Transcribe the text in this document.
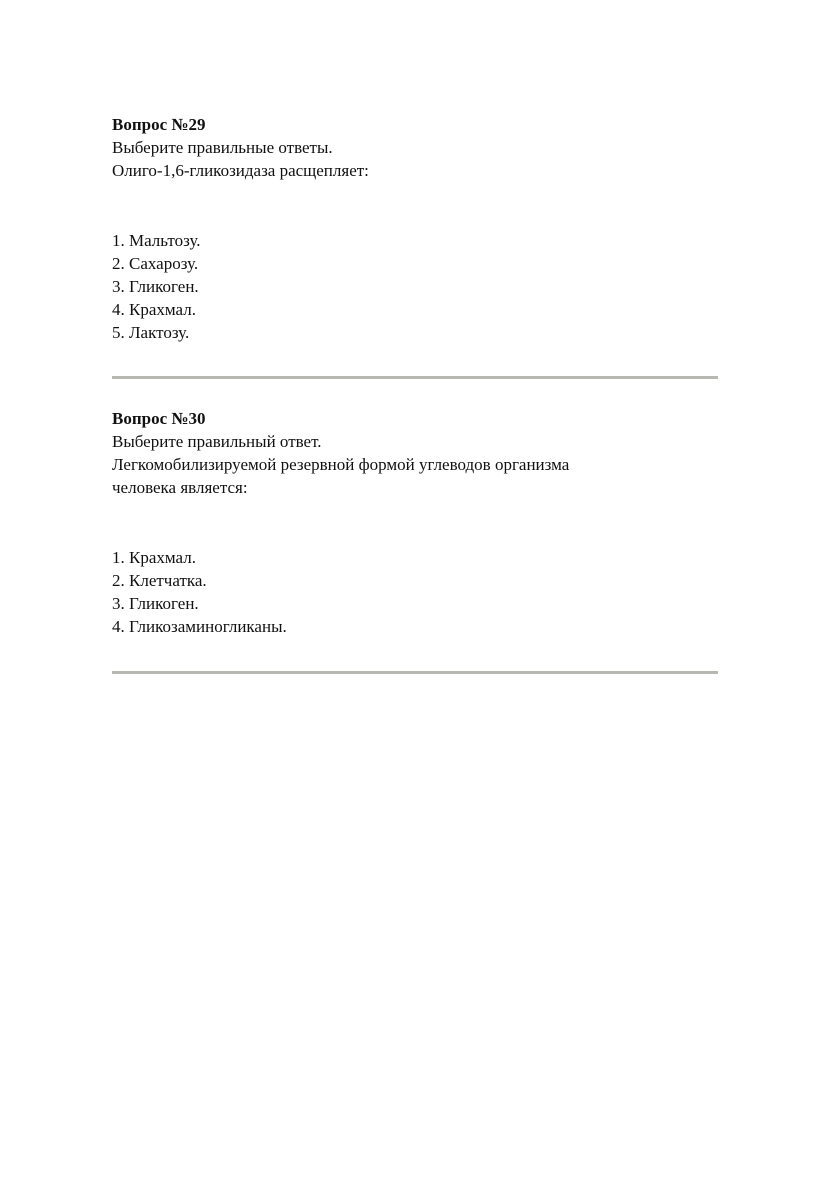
Вопрос №29

Выберите правильные ответы.

Олиго-1,6-гликозидаза расщепляет:

1. Мальтозу.

2. Сахарозу.

3. Гликоген.

4. Крахмал.

5. Лактозу.

Вопрос №30

Выберите правильный ответ.

Легкомобилизируемой резервной формой углеводов организма

человека является:

1. Крахмал.

2. Клетчатка.

3. Гликоген.

4. Гликозаминогликаны.
